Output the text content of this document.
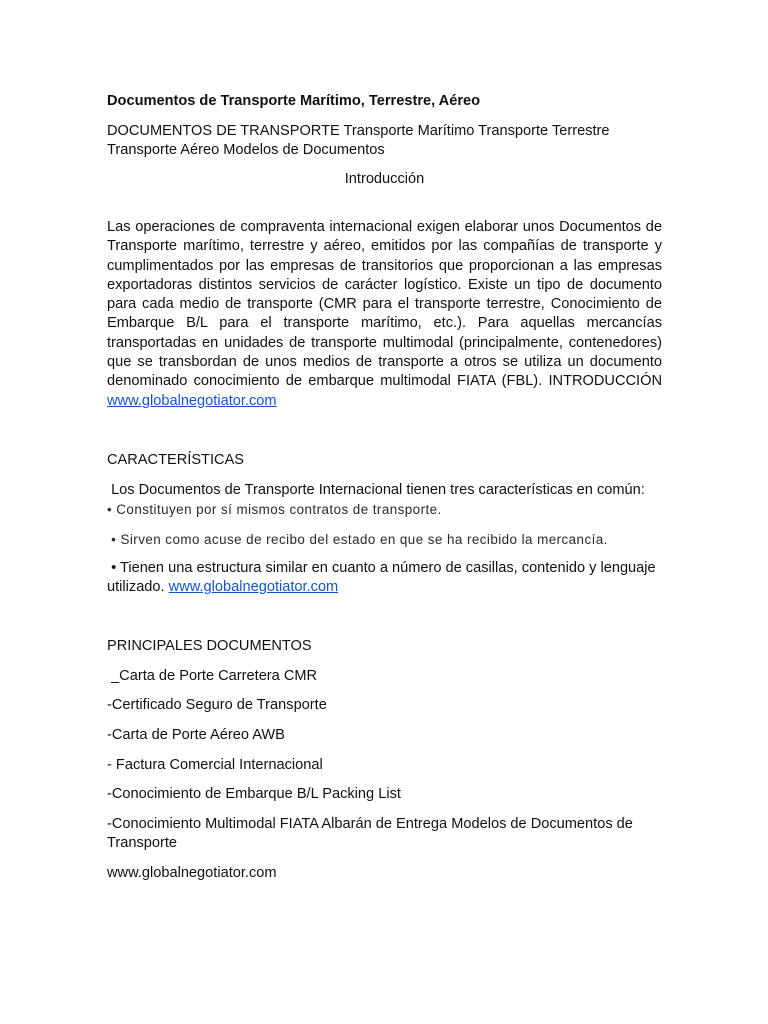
Documentos de Transporte Marítimo, Terrestre, Aéreo

DOCUMENTOS DE TRANSPORTE Transporte Marítimo Transporte Terrestre Transporte Aéreo Modelos de Documentos

Introducción

Las operaciones de compraventa internacional exigen elaborar unos Documentos de Transporte marítimo, terrestre y aéreo, emitidos por las compañías de transporte y cumplimentados por las empresas de transitorios que proporcionan a las empresas exportadoras distintos servicios de carácter logístico. Existe un tipo de documento para cada medio de transporte (CMR para el transporte terrestre, Conocimiento de Embarque B/L para el transporte marítimo, etc.). Para aquellas mercancías transportadas en unidades de transporte multimodal (principalmente, contenedores) que se transbordan de unos medios de transporte a otros se utiliza un documento denominado conocimiento de embarque multimodal FIATA (FBL). INTRODUCCIÓN www.globalnegotiator.com

CARACTERÍSTICAS

Los Documentos de Transporte Internacional tienen tres características en común:

• Constituyen por sí mismos contratos de transporte.

• Sirven como acuse de recibo del estado en que se ha recibido la mercancía.

• Tienen una estructura similar en cuanto a número de casillas, contenido y lenguaje utilizado. www.globalnegotiator.com

PRINCIPALES DOCUMENTOS

_Carta de Porte Carretera CMR
-Certificado Seguro de Transporte
-Carta de Porte Aéreo AWB
- Factura Comercial Internacional
-Conocimiento de Embarque B/L Packing List
-Conocimiento Multimodal FIATA Albarán de Entrega Modelos de Documentos de Transporte

www.globalnegotiator.com
